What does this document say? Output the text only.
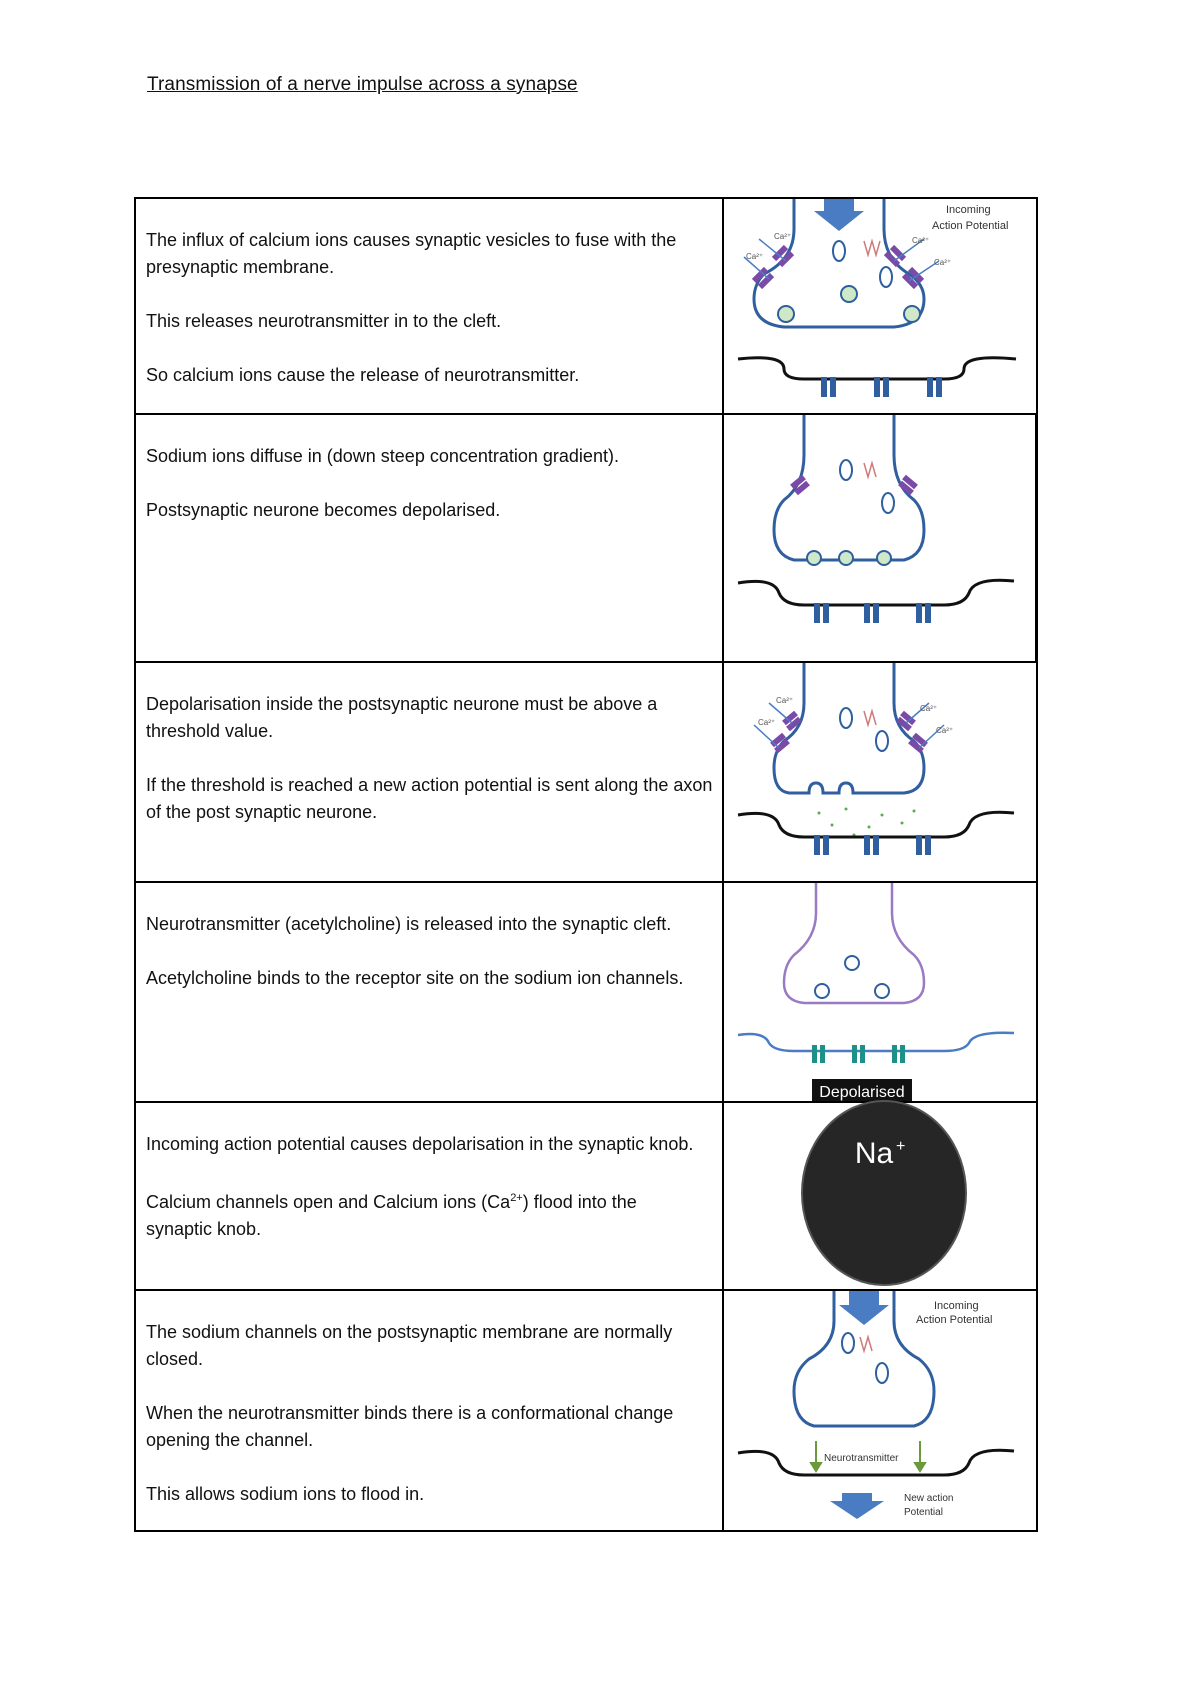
Transmission of a nerve impulse across a synapse

The influx of calcium ions causes synaptic vesicles to fuse with the presynaptic membrane.

This releases neurotransmitter in to the cleft.

So calcium ions cause the release of neurotransmitter.

Incoming
Action Potential
Ca²⁺
Ca²⁺
Ca²⁺
Ca²⁺

Sodium ions diffuse in (down steep concentration gradient).

Postsynaptic neurone becomes depolarised.

Depolarisation inside the postsynaptic neurone must be above a threshold value.

If the threshold is reached a new action potential is sent along the axon of the post synaptic neurone.

Ca²⁺
Ca²⁺
Ca²⁺
Ca²⁺

Neurotransmitter (acetylcholine) is released into the synaptic cleft.

Acetylcholine binds to the receptor site on the sodium ion channels.

Depolarised

Incoming action potential causes depolarisation in the synaptic knob.

Calcium channels open and Calcium ions $(Ca^{2+})$ flood into the

synaptic knob.

Na +

The sodium channels on the postsynaptic membrane are normally closed.

When the neurotransmitter binds there is a conformational change opening the channel.

This allows sodium ions to flood in.

Incoming
Action Potential
Neurotransmitter
New action
Potential
